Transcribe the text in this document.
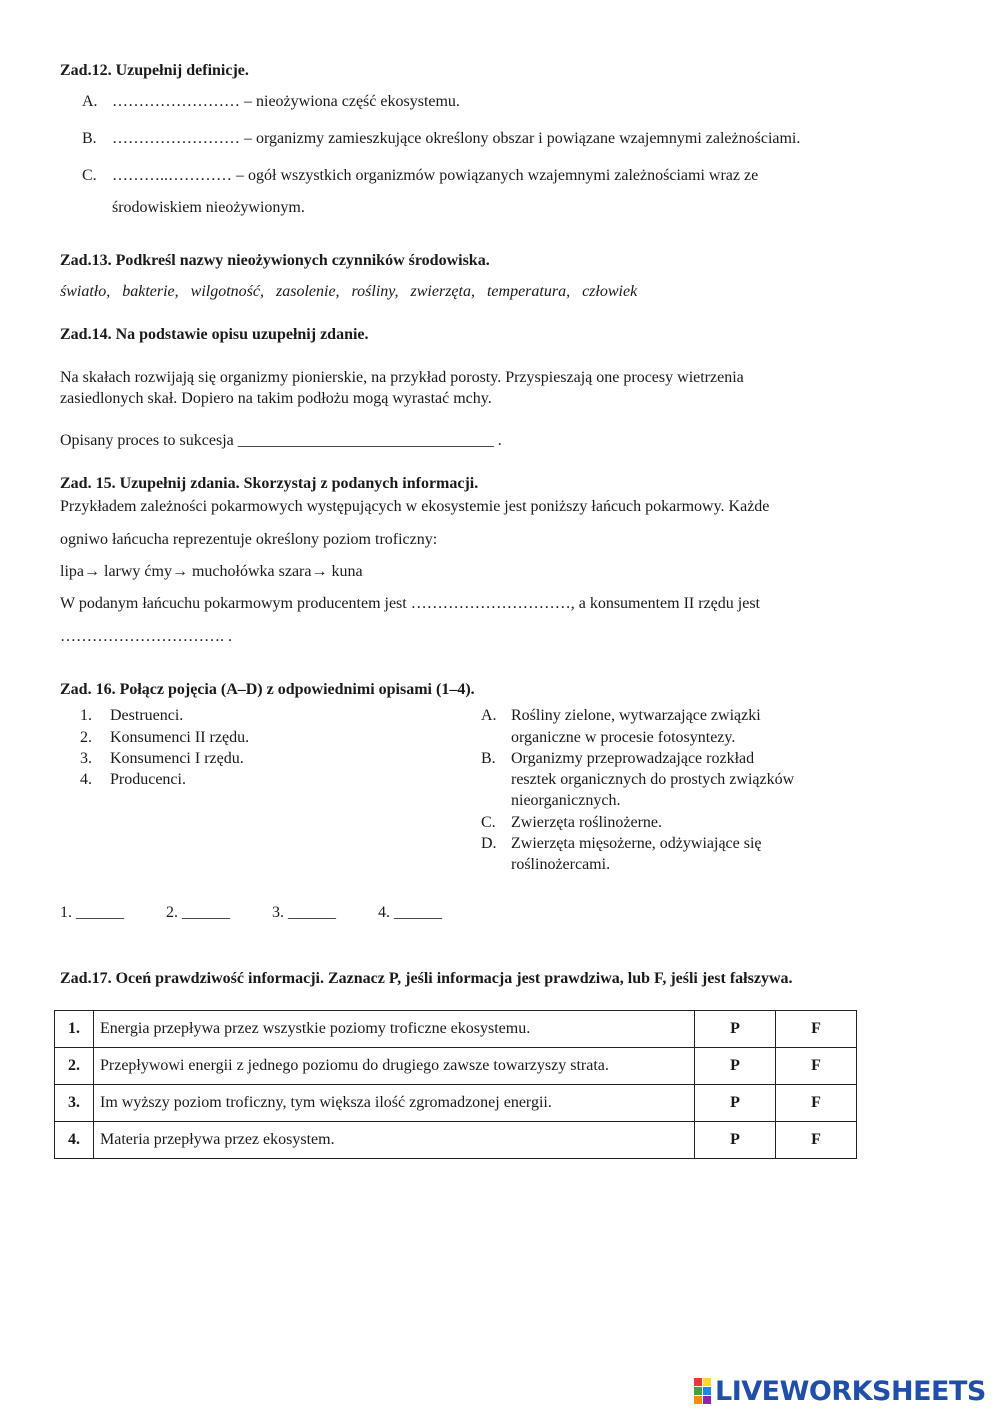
Zad.12. Uzupełnij definicje.
A. …………………… – nieożywiona część ekosystemu.
B. …………………… – organizmy zamieszkujące określony obszar i powiązane wzajemnymi zależnościami.
C. ………..………… – ogół wszystkich organizmów powiązanych wzajemnymi zależnościami wraz ze
środowiskiem nieożywionym.
Zad.13. Podkreśl nazwy nieożywionych czynników środowiska.
światło, bakterie, wilgotność, zasolenie, rośliny, zwierzęta, temperatura, człowiek
Zad.14. Na podstawie opisu uzupełnij zdanie.
Na skałach rozwijają się organizmy pionierskie, na przykład porosty. Przyspieszają one procesy wietrzenia
zasiedlonych skał. Dopiero na takim podłożu mogą wyrastać mchy.
Opisany proces to sukcesja ________________________________ .
Zad. 15. Uzupełnij zdania. Skorzystaj z podanych informacji.
Przykładem zależności pokarmowych występujących w ekosystemie jest poniższy łańcuch pokarmowy. Każde
ogniwo łańcucha reprezentuje określony poziom troficzny:
lipa→ larwy ćmy→ muchołówka szara→ kuna
W podanym łańcuchu pokarmowym producentem jest …………………………, a konsumentem II rzędu jest
…………………………. .
Zad. 16. Połącz pojęcia (A–D) z odpowiednimi opisami (1–4).
1. Destruenci.
2. Konsumenci II rzędu.
3. Konsumenci I rzędu.
4. Producenci.
A. Rośliny zielone, wytwarzające związki
organiczne w procesie fotosyntezy.
B. Organizmy przeprowadzające rozkład
resztek organicznych do prostych związków
nieorganicznych.
C. Zwierzęta roślinożerne.
D. Zwierzęta mięsożerne, odżywiające się
roślinożercami.
1. ______	2. ______	3. ______	4. ______
Zad.17. Oceń prawdziwość informacji. Zaznacz P, jeśli informacja jest prawdziwa, lub F, jeśli jest fałszywa.
1.	Energia przepływa przez wszystkie poziomy troficzne ekosystemu.	P	F
2.	Przepływowi energii z jednego poziomu do drugiego zawsze towarzyszy strata.	P	F
3.	Im wyższy poziom troficzny, tym większa ilość zgromadzonej energii.	P	F
4.	Materia przepływa przez ekosystem.	P	F
LIVEWORKSHEETS
